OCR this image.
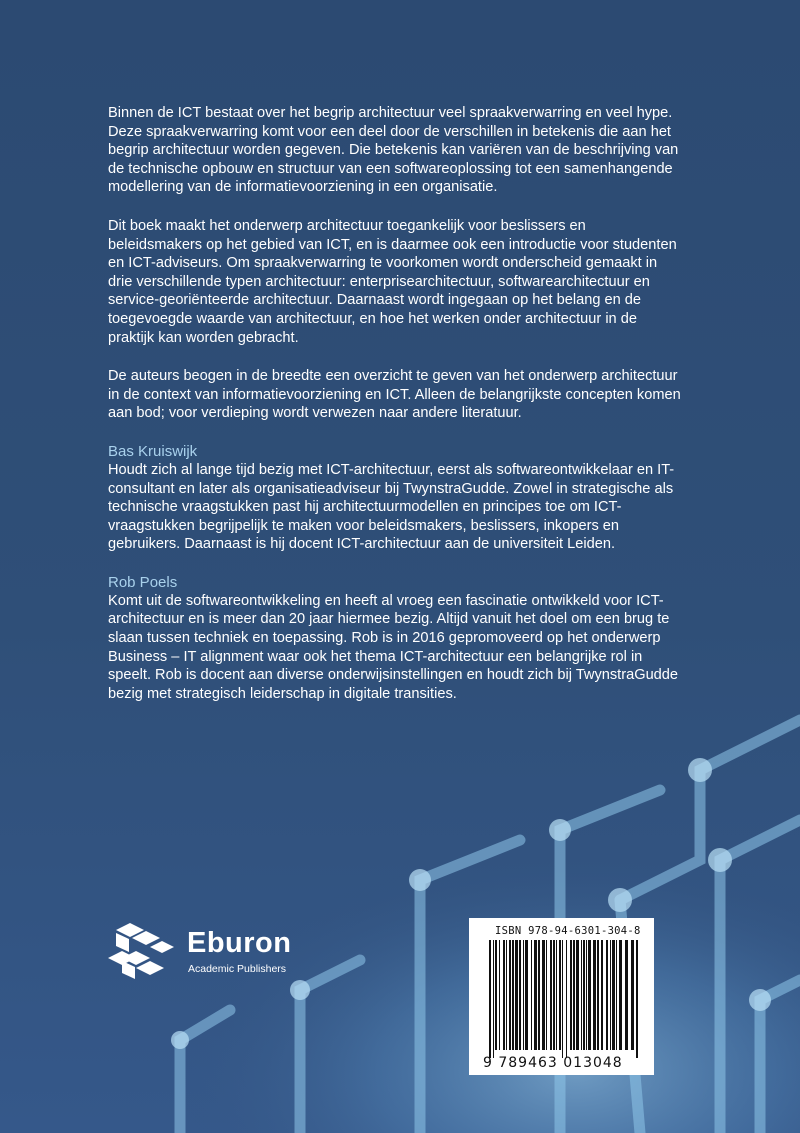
Binnen de ICT bestaat over het begrip architectuur veel spraakverwarring en veel hype. Deze spraakverwarring komt voor een deel door de verschillen in betekenis die aan het begrip architectuur worden gegeven. Die betekenis kan variëren van de beschrijving van de technische opbouw en structuur van een softwareoplossing tot een samenhangende modellering van de informatievoorziening in een organisatie.

Dit boek maakt het onderwerp architectuur toegankelijk voor beslissers en beleidsmakers op het gebied van ICT, en is daarmee ook een introductie voor studenten en ICT-adviseurs. Om spraakverwarring te voorkomen wordt onderscheid gemaakt in drie verschillende typen architectuur: enterprisearchitectuur, softwarearchitectuur en service-georiënteerde architectuur. Daarnaast wordt ingegaan op het belang en de toegevoegde waarde van architectuur, en hoe het werken onder architectuur in de praktijk kan worden gebracht.

De auteurs beogen in de breedte een overzicht te geven van het onderwerp architectuur in de context van informatievoorziening en ICT. Alleen de belangrijkste concepten komen aan bod; voor verdieping wordt verwezen naar andere literatuur.

Bas Kruiswijk

Houdt zich al lange tijd bezig met ICT-architectuur, eerst als softwareontwikkelaar en IT-consultant en later als organisatieadviseur bij TwynstraGudde. Zowel in strategische als technische vraagstukken past hij architectuurmodellen en principes toe om ICT-vraagstukken begrijpelijk te maken voor beleidsmakers, beslissers, inkopers en gebruikers. Daarnaast is hij docent ICT-architectuur aan de universiteit Leiden.

Rob Poels

Komt uit de softwareontwikkeling en heeft al vroeg een fascinatie ontwikkeld voor ICT-architectuur en is meer dan 20 jaar hiermee bezig. Altijd vanuit het doel om een brug te slaan tussen techniek en toepassing. Rob is in 2016 gepromoveerd op het onderwerp Business – IT alignment waar ook het thema ICT-architectuur een belangrijke rol in speelt. Rob is docent aan diverse onderwijsinstellingen en houdt zich bij TwynstraGudde bezig met strategisch leiderschap in digitale transities.

Eburon
Academic Publishers
ISBN 978-94-6301-304-8
9 789463 013048
